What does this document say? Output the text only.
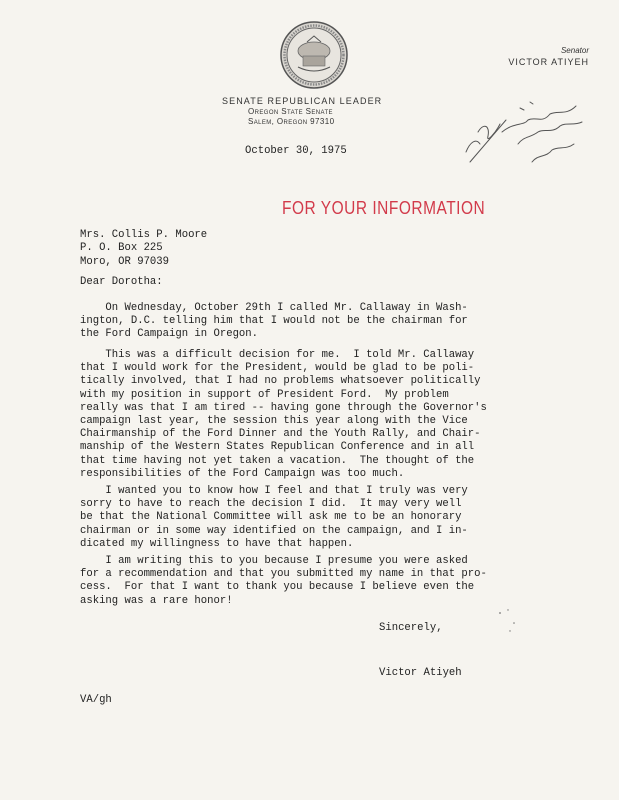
Senator
VICTOR ATIYEH
SENATE REPUBLICAN LEADER
Oregon State Senate
Salem, Oregon 97310
October 30, 1975
FOR YOUR INFORMATION
Mrs. Collis P. Moore
P. O. Box 225
Moro, OR 97039
Dear Dorotha:
On Wednesday, October 29th I called Mr. Callaway in Wash-
ington, D.C. telling him that I would not be the chairman for
the Ford Campaign in Oregon.
This was a difficult decision for me.  I told Mr. Callaway
that I would work for the President, would be glad to be poli-
tically involved, that I had no problems whatsoever politically
with my position in support of President Ford.  My problem
really was that I am tired -- having gone through the Governor's
campaign last year, the session this year along with the Vice
Chairmanship of the Ford Dinner and the Youth Rally, and Chair-
manship of the Western States Republican Conference and in all
that time having not yet taken a vacation.  The thought of the
responsibilities of the Ford Campaign was too much.
I wanted you to know how I feel and that I truly was very
sorry to have to reach the decision I did.  It may very well
be that the National Committee will ask me to be an honorary
chairman or in some way identified on the campaign, and I in-
dicated my willingness to have that happen.
I am writing this to you because I presume you were asked
for a recommendation and that you submitted my name in that pro-
cess.  For that I want to thank you because I believe even the
asking was a rare honor!
Sincerely,
Victor Atiyeh
VA/gh
